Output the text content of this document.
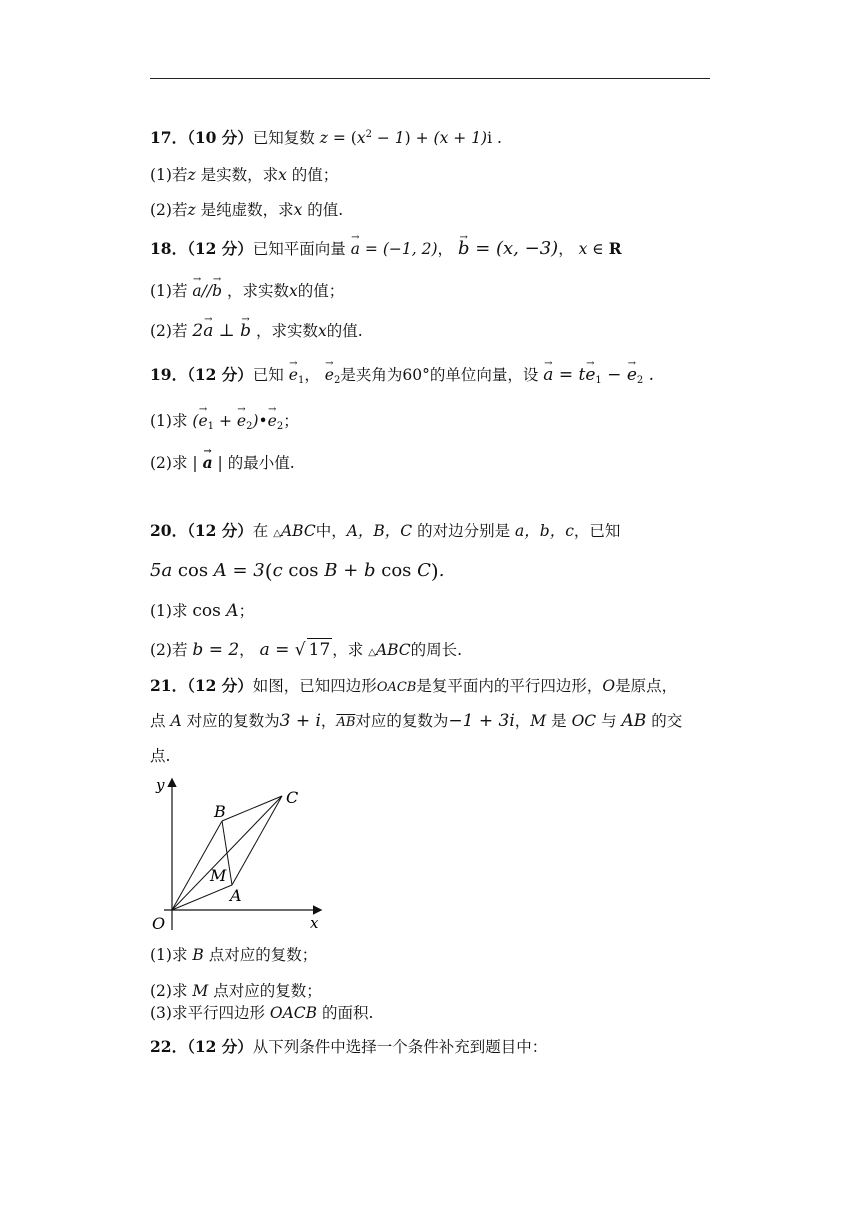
17．（10 分）已知复数 $z = (x^2 - 1) + (x + 1)i$ .
(1)若z 是实数，求x 的值；
(2)若z 是纯虚数，求x 的值.
18．（12 分）已知平面向量 → a = (−1, 2)， → b = (x, −3)， x ∈ R
(1)若 → a//→ b ，求实数x的值；
(2)若 2→ a ⊥ → b ，求实数x的值.
19．（12 分）已知 → $e_1$， → $e_2$是夹角为60°的单位向量，设 → $a = t\to e_1$ − → $e_2$ .
(1)求 (→ $e_1$ + → $e_2)•\to e_2$；
(2)求 | → a | 的最小值.
20．（12 分）在 △ABC中，A，B，C 的对边分别是 a，b，c，已知
5a cos A = 3(c cos B + b cos C).
(1)求 cos A；
(2)若 b = 2， a = √ 17 ，求 △ABC的周长.
21．（12 分）如图，已知四边形OACB是复平面内的平行四边形，O是原点，
点 A 对应的复数为3 + i，$\overline{AB}$对应的复数为−1 + 3i，M 是 OC 与 AB 的交
点.
y
x
O
B
C
M
A
(1)求 B 点对应的复数；
(2)求 M 点对应的复数；
(3)求平行四边形 OACB 的面积.
22．（12 分）从下列条件中选择一个条件补充到题目中：
